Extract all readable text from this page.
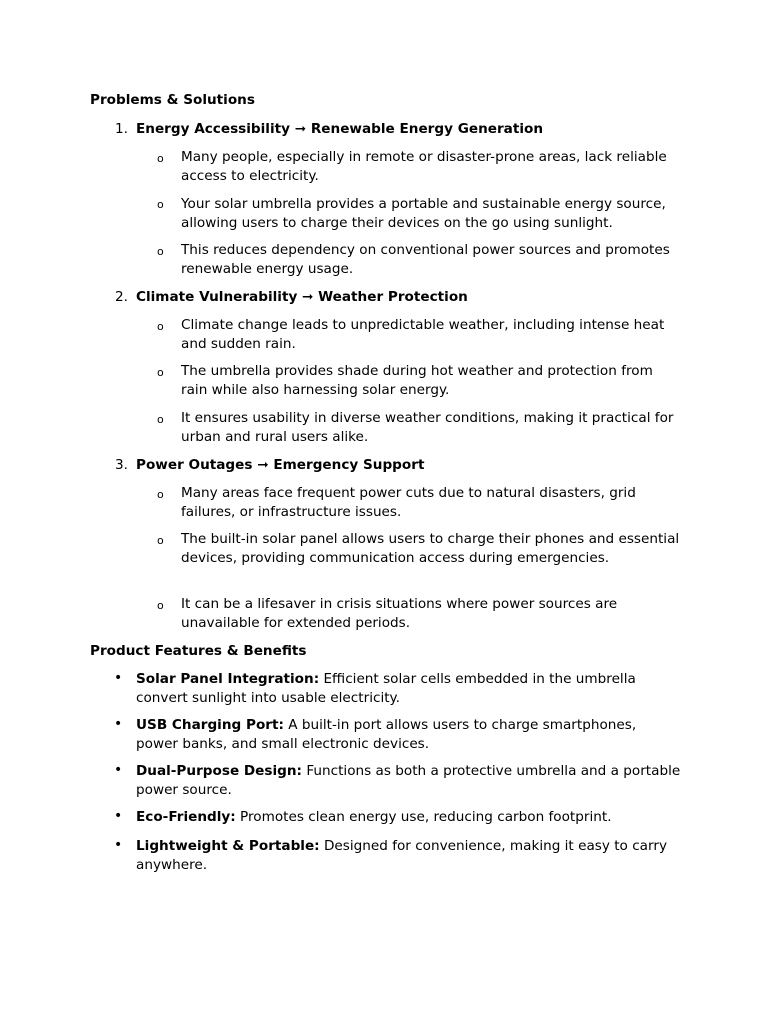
Problems & Solutions
1. Energy Accessibility ➞ Renewable Energy Generation
o Many people, especially in remote or disaster-prone areas, lack reliable access to electricity.
o Your solar umbrella provides a portable and sustainable energy source, allowing users to charge their devices on the go using sunlight.
o This reduces dependency on conventional power sources and promotes renewable energy usage.
2. Climate Vulnerability ➞ Weather Protection
o Climate change leads to unpredictable weather, including intense heat and sudden rain.
o The umbrella provides shade during hot weather and protection from rain while also harnessing solar energy.
o It ensures usability in diverse weather conditions, making it practical for urban and rural users alike.
3. Power Outages ➞ Emergency Support
o Many areas face frequent power cuts due to natural disasters, grid failures, or infrastructure issues.
o The built-in solar panel allows users to charge their phones and essential devices, providing communication access during emergencies.
o It can be a lifesaver in crisis situations where power sources are unavailable for extended periods.
Product Features & Benefits
• Solar Panel Integration: Efficient solar cells embedded in the umbrella convert sunlight into usable electricity.
• USB Charging Port: A built-in port allows users to charge smartphones, power banks, and small electronic devices.
• Dual-Purpose Design: Functions as both a protective umbrella and a portable power source.
• Eco-Friendly: Promotes clean energy use, reducing carbon footprint.
• Lightweight & Portable: Designed for convenience, making it easy to carry anywhere.
